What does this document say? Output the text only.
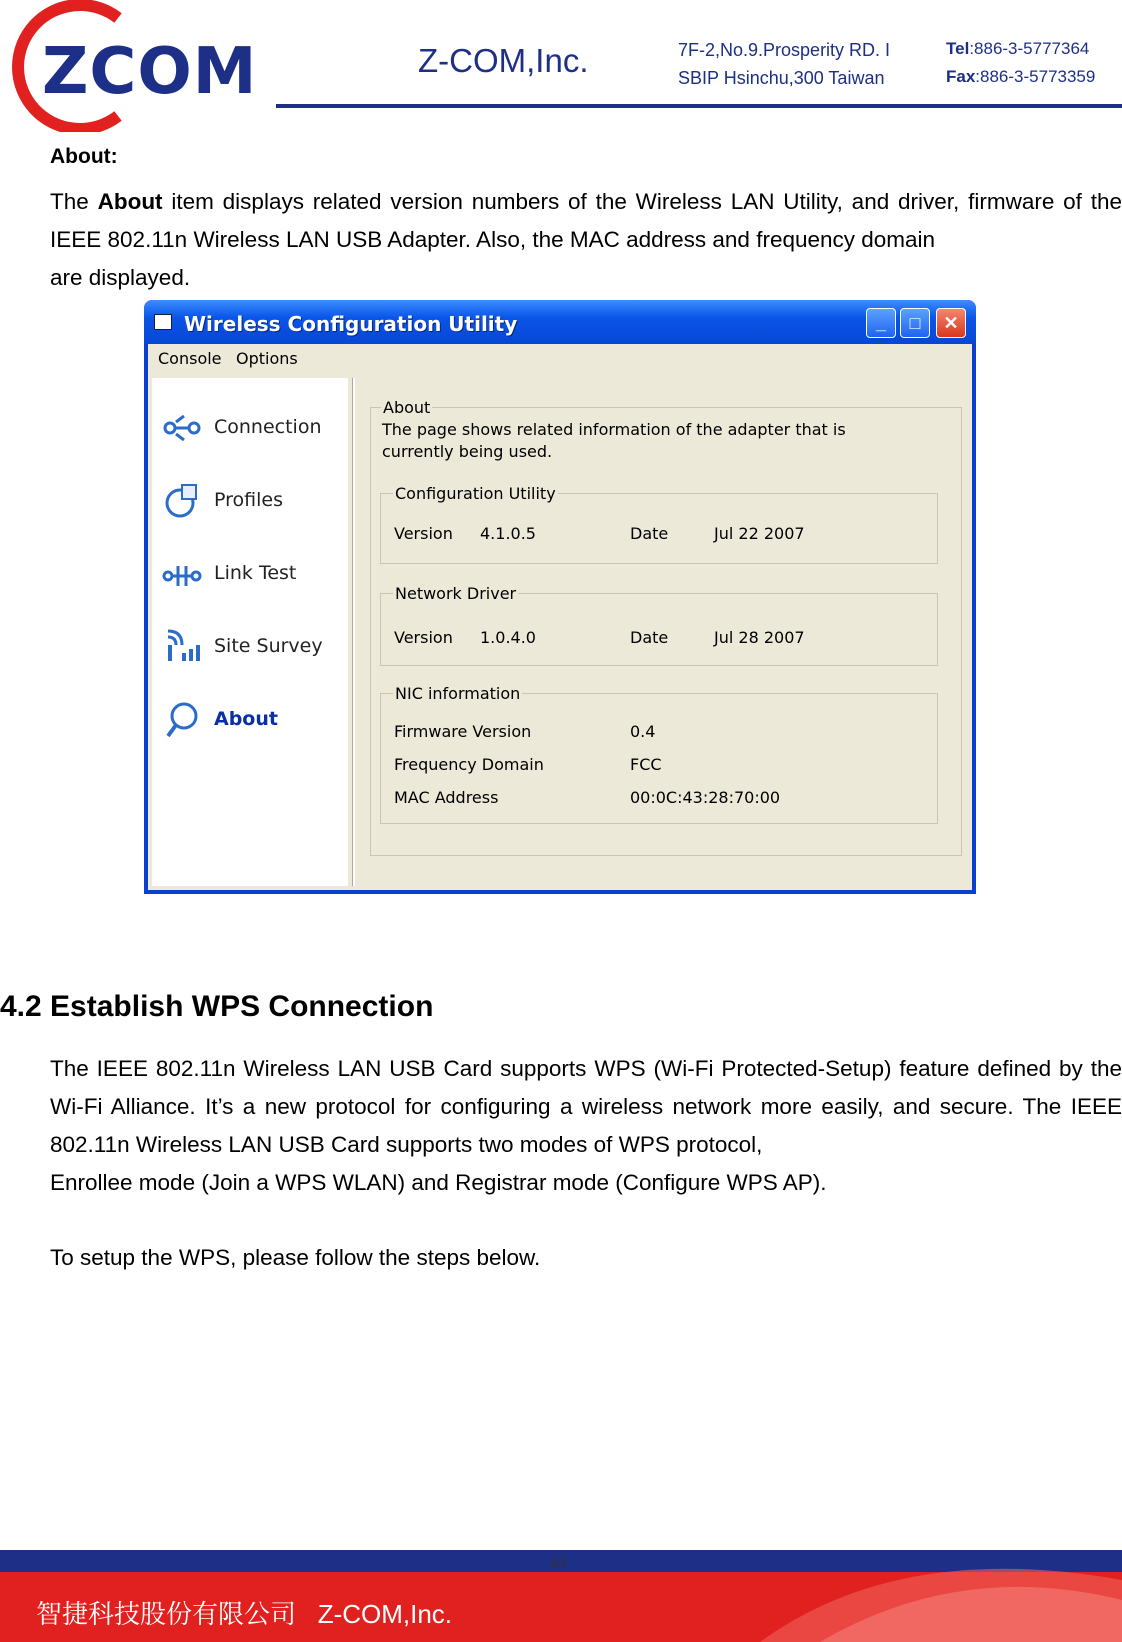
ZCOM	Z-COM,Inc.	7F-2,No.9.Prosperity RD. I
SBIP Hsinchu,300 Taiwan
Tel:886-3-5777364
Fax:886-3-5773359
About:
The About item displays related version numbers of the Wireless LAN Utility, and driver, firmware of the IEEE 802.11n Wireless LAN USB Adapter. Also, the MAC address and frequency domain
are displayed.
Wireless Configuration Utility	_	□	✕
Console Options
Connection
Profiles
Link Test
Site Survey
About
About
The page shows related information of the adapter that is
currently being used.
Configuration Utility
Version 4.1.0.5	Date	Jul 22 2007
Network Driver
Version 1.0.4.0	Date	Jul 28 2007
NIC information
Firmware Version	0.4
Frequency Domain	FCC
MAC Address	00:0C:43:28:70:00
4.2 Establish WPS Connection
The IEEE 802.11n Wireless LAN USB Card supports WPS (Wi-Fi Protected-Setup) feature defined by the Wi-Fi Alliance. It’s a new protocol for configuring a wireless network more easily, and secure. The IEEE 802.11n Wireless LAN USB Card supports two modes of WPS protocol,
Enrollee mode (Join a WPS WLAN) and Registrar mode (Configure WPS AP).
To setup the WPS, please follow the steps below.
43
智捷科技股份有限公司 Z-COM,Inc.
